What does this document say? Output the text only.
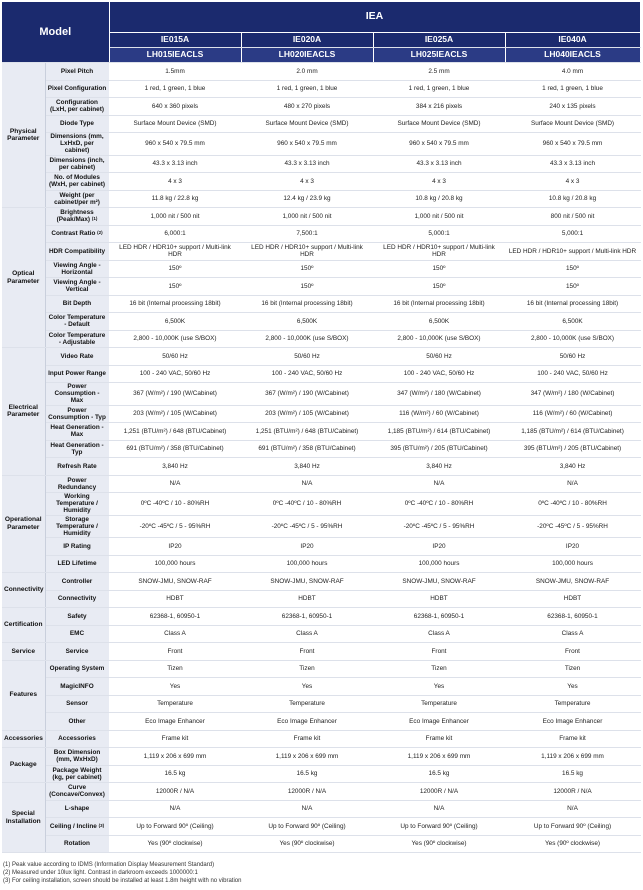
Model		IEA			
		IE015A	IE020A	IE025A	IE040A
		LH015IEACLS	LH020IEACLS	LH025IEACLS	LH040IEACLS
Physical Parameter	Pixel Pitch	1.5mm	2.0 mm	2.5 mm	4.0 mm
	Pixel Configuration	1 red, 1 green, 1 blue	1 red, 1 green, 1 blue	1 red, 1 green, 1 blue	1 red, 1 green, 1 blue
	Configuration (LxH, per cabinet)	640 x 360 pixels	480 x 270 pixels	384 x 216 pixels	240 x 135 pixels
	Diode Type	Surface Mount Device (SMD)	Surface Mount Device (SMD)	Surface Mount Device (SMD)	Surface Mount Device (SMD)
	Dimensions (mm, LxHxD, per cabinet)	960 x 540 x 79.5 mm	960 x 540 x 79.5 mm	960 x 540 x 79.5 mm	960 x 540 x 79.5 mm
	Dimensions (inch, per cabinet)	43.3 x 3.13 inch	43.3 x 3.13 inch	43.3 x 3.13 inch	43.3 x 3.13 inch
	No. of Modules (WxH, per cabinet)	4 x 3	4 x 3	4 x 3	4 x 3
	Weight (per cabinet/per m²)	11.8 kg / 22.8 kg	12.4 kg / 23.9 kg	10.8 kg / 20.8 kg	10.8 kg / 20.8 kg
Optical Parameter	Brightness (Peak/Max) $^{(1)}$	1,000 nit / 500 nit	1,000 nit / 500 nit	1,000 nit / 500 nit	800 nit / 500 nit
	Contrast Ratio $^{(2)}$	6,000:1	7,500:1	5,000:1	5,000:1
	HDR Compatibility	LED HDR / HDR10+ support / Multi-link HDR	LED HDR / HDR10+ support / Multi-link HDR	LED HDR / HDR10+ support / Multi-link HDR	LED HDR / HDR10+ support / Multi-link HDR
	Viewing Angle - Horizontal	150º	150º	150º	150º
	Viewing Angle - Vertical	150º	150º	150º	150º
	Bit Depth	16 bit (Internal processing 18bit)	16 bit (Internal processing 18bit)	16 bit (Internal processing 18bit)	16 bit (Internal processing 18bit)
	Color Temperature - Default	6,500K	6,500K	6,500K	6,500K
	Color Temperature - Adjustable	2,800 - 10,000K (use S/BOX)	2,800 - 10,000K (use S/BOX)	2,800 - 10,000K (use S/BOX)	2,800 - 10,000K (use S/BOX)
Electrical Parameter	Video Rate	50/60 Hz	50/60 Hz	50/60 Hz	50/60 Hz
	Input Power Range	100 - 240 VAC, 50/60 Hz	100 - 240 VAC, 50/60 Hz	100 - 240 VAC, 50/60 Hz	100 - 240 VAC, 50/60 Hz
	Power Consumption - Max	367 (W/m²) / 190 (W/Cabinet)	367 (W/m²) / 190 (W/Cabinet)	347 (W/m²) / 180 (W/Cabinet)	347 (W/m²) / 180 (W/Cabinet)
	Power Consumption - Typ	203 (W/m²) / 105 (W/Cabinet)	203 (W/m²) / 105 (W/Cabinet)	116 (W/m²) / 60 (W/Cabinet)	116 (W/m²) / 60 (W/Cabinet)
	Heat Generation - Max	1,251 (BTU/m²) / 648 (BTU/Cabinet)	1,251 (BTU/m²) / 648 (BTU/Cabinet)	1,185 (BTU/m²) / 614 (BTU/Cabinet)	1,185 (BTU/m²) / 614 (BTU/Cabinet)
	Heat Generation - Typ	691 (BTU/m²) / 358 (BTU/Cabinet)	691 (BTU/m²) / 358 (BTU/Cabinet)	395 (BTU/m²) / 205 (BTU/Cabinet)	395 (BTU/m²) / 205 (BTU/Cabinet)
	Refresh Rate	3,840 Hz	3,840 Hz	3,840 Hz	3,840 Hz
Operational Parameter	Power Redundancy	N/A	N/A	N/A	N/A
	Working Temperature / Humidity	0ºC -40ºC / 10 - 80%RH	0ºC -40ºC / 10 - 80%RH	0ºC -40ºC / 10 - 80%RH	0ºC -40ºC / 10 - 80%RH
	Storage Temperature / Humidity	-20ºC -45ºC / 5 - 95%RH	-20ºC -45ºC / 5 - 95%RH	-20ºC -45ºC / 5 - 95%RH	-20ºC -45ºC / 5 - 95%RH
	IP Rating	IP20	IP20	IP20	IP20
	LED Lifetime	100,000 hours	100,000 hours	100,000 hours	100,000 hours
Connectivity	Controller	SNOW-JMU, SNOW-RAF	SNOW-JMU, SNOW-RAF	SNOW-JMU, SNOW-RAF	SNOW-JMU, SNOW-RAF
	Connectivity	HDBT	HDBT	HDBT	HDBT
Certification	Safety	62368-1, 60950-1	62368-1, 60950-1	62368-1, 60950-1	62368-1, 60950-1
	EMC	Class A	Class A	Class A	Class A
Service	Service	Front	Front	Front	Front
Features	Operating System	Tizen	Tizen	Tizen	Tizen
	MagicINFO	Yes	Yes	Yes	Yes
	Sensor	Temperature	Temperature	Temperature	Temperature
	Other	Eco Image Enhancer	Eco Image Enhancer	Eco Image Enhancer	Eco Image Enhancer
Accessories	Accessories	Frame kit	Frame kit	Frame kit	Frame kit
Package	Box Dimension (mm, WxHxD)	1,119 x 206 x 699 mm	1,119 x 206 x 699 mm	1,119 x 206 x 699 mm	1,119 x 206 x 699 mm
	Package Weight (kg, per cabinet)	16.5 kg	16.5 kg	16.5 kg	16.5 kg
Special Installation	Curve (Concave/Convex)	12000R / N/A	12000R / N/A	12000R / N/A	12000R / N/A
	L-shape	N/A	N/A	N/A	N/A
	Ceiling / Incline $^{(3)}$	Up to Forward 90º (Ceiling)	Up to Forward 90º (Ceiling)	Up to Forward 90º (Ceiling)	Up to Forward 90º (Ceiling)
	Rotation	Yes (90º clockwise)	Yes (90º clockwise)	Yes (90º clockwise)	Yes (90º clockwise)
(1) Peak value according to IDMS (Information Display Measurement Standard)
(2) Measured under 10lux light. Contrast in darkroom exceeds 1000000:1
(3) For ceiling installation, screen should be installed at least 1.8m height with no vibration
